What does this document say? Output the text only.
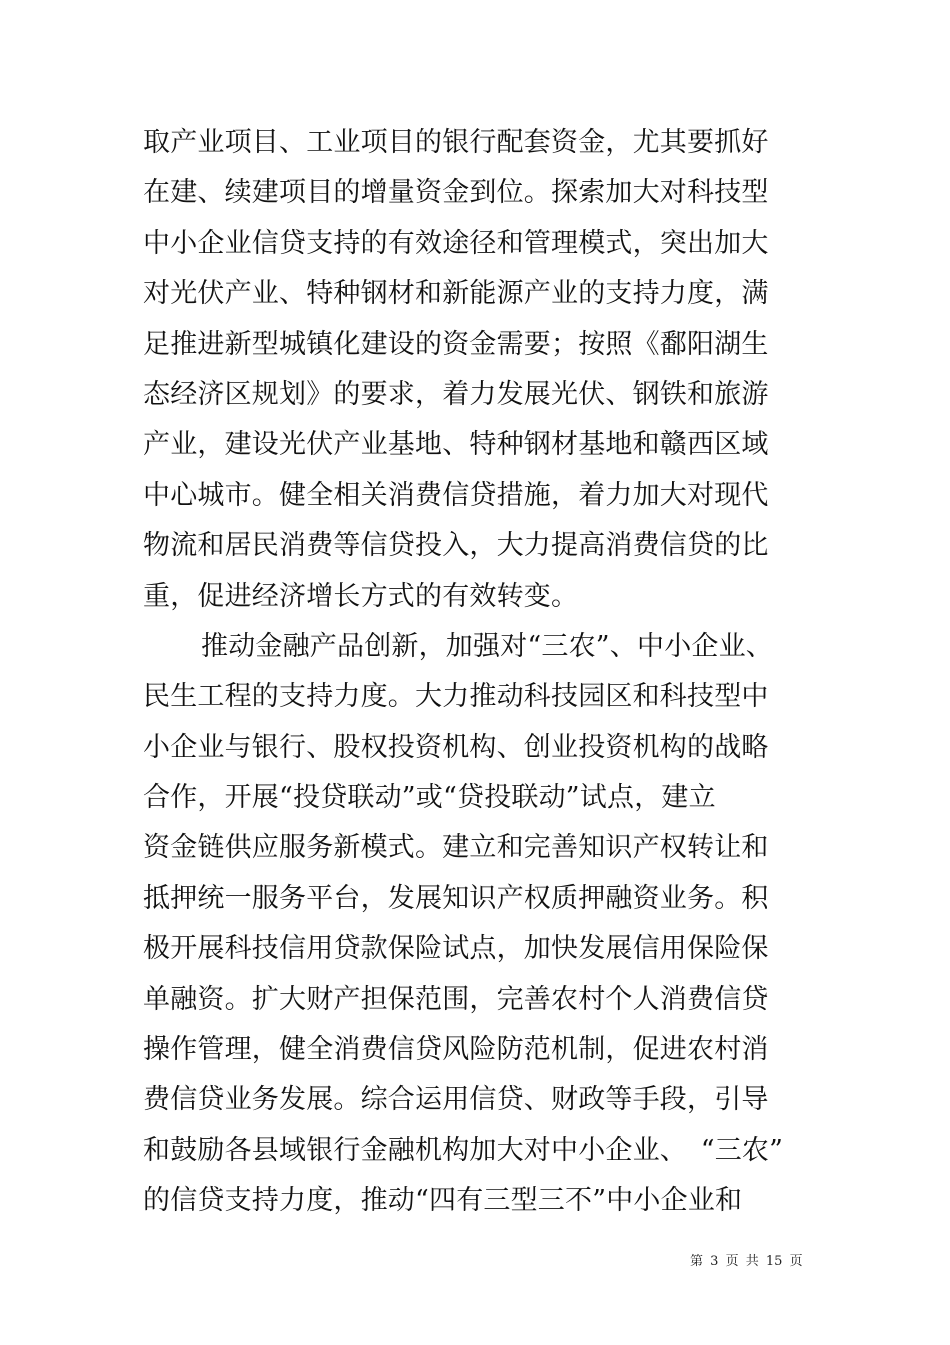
取产业项目、工业项目的银行配套资金，尤其要抓好
在建、续建项目的增量资金到位。探索加大对科技型
中小企业信贷支持的有效途径和管理模式，突出加大
对光伏产业、特种钢材和新能源产业的支持力度，满
足推进新型城镇化建设的资金需要；按照《鄱阳湖生
态经济区规划》的要求，着力发展光伏、钢铁和旅游
产业，建设光伏产业基地、特种钢材基地和赣西区域
中心城市。健全相关消费信贷措施，着力加大对现代
物流和居民消费等信贷投入，大力提高消费信贷的比
重，促进经济增长方式的有效转变。
推动金融产品创新，加强对“三农”、中小企业、
民生工程的支持力度。大力推动科技园区和科技型中
小企业与银行、股权投资机构、创业投资机构的战略
合作，开展“投贷联动”或“贷投联动”试点，建立
资金链供应服务新模式。建立和完善知识产权转让和
抵押统一服务平台，发展知识产权质押融资业务。积
极开展科技信用贷款保险试点，加快发展信用保险保
单融资。扩大财产担保范围，完善农村个人消费信贷
操作管理，健全消费信贷风险防范机制，促进农村消
费信贷业务发展。综合运用信贷、财政等手段，引导
和鼓励各县域银行金融机构加大对中小企业、　“三农”
的信贷支持力度，推动“四有三型三不”中小企业和
第 3 页 共 15 页
